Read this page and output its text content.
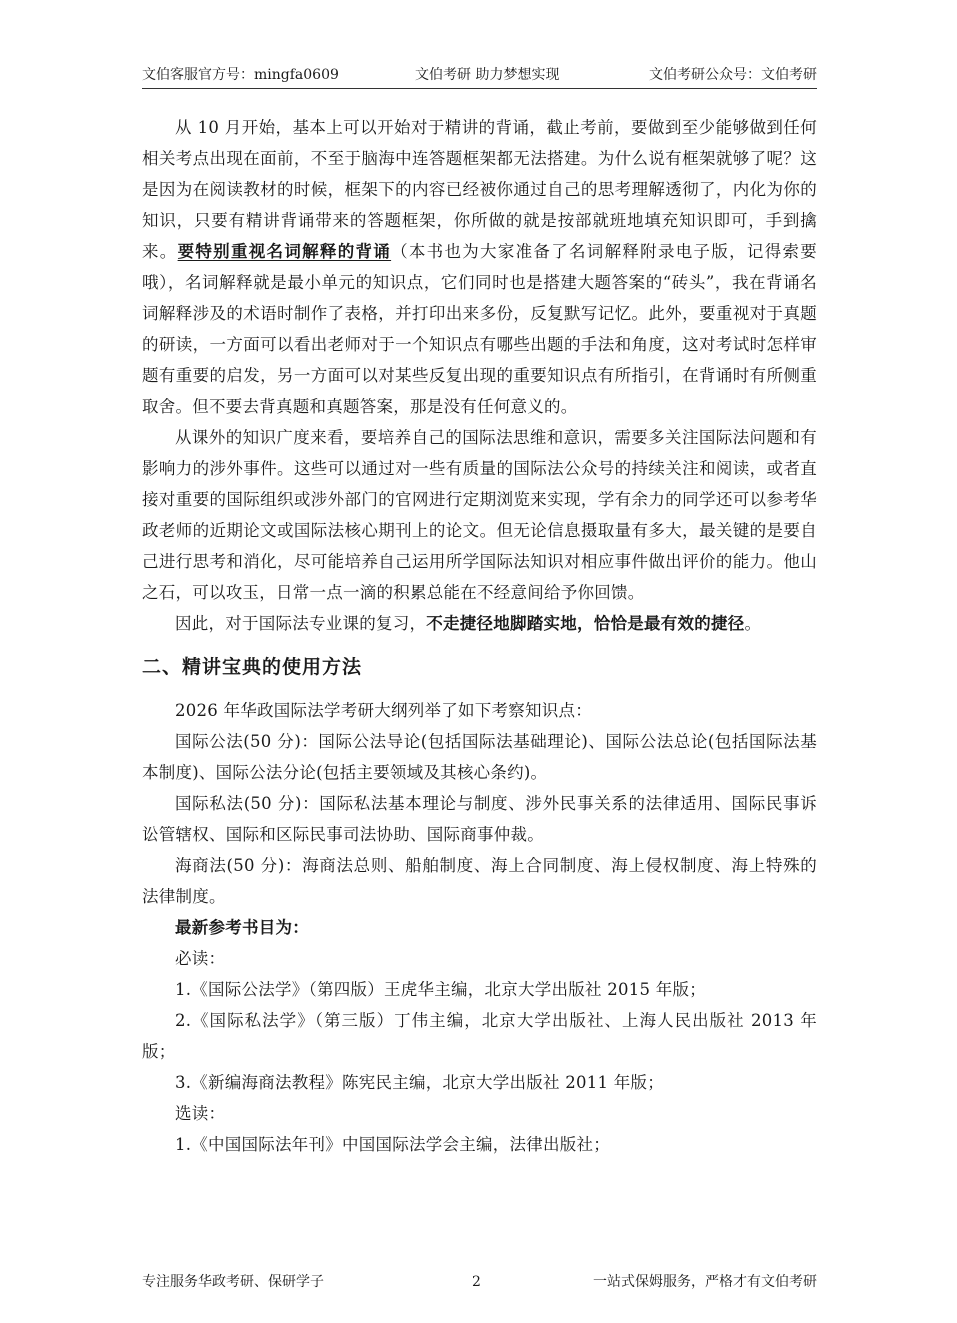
文伯客服官方号：mingfa0609	文伯考研 助力梦想实现	文伯考研公众号：文伯考研

从 10 月开始，基本上可以开始对于精讲的背诵，截止考前，要做到至少能够做到任何相关考点出现在面前，不至于脑海中连答题框架都无法搭建。为什么说有框架就够了呢？这是因为在阅读教材的时候，框架下的内容已经被你通过自己的思考理解透彻了，内化为你的知识，只要有精讲背诵带来的答题框架，你所做的就是按部就班地填充知识即可，手到擒来。要特别重视名词解释的背诵（本书也为大家准备了名词解释附录电子版，记得索要哦），名词解释就是最小单元的知识点，它们同时也是搭建大题答案的“砖头”，我在背诵名词解释涉及的术语时制作了表格，并打印出来多份，反复默写记忆。此外，要重视对于真题的研读，一方面可以看出老师对于一个知识点有哪些出题的手法和角度，这对考试时怎样审题有重要的启发，另一方面可以对某些反复出现的重要知识点有所指引，在背诵时有所侧重取舍。但不要去背真题和真题答案，那是没有任何意义的。

从课外的知识广度来看，要培养自己的国际法思维和意识，需要多关注国际法问题和有影响力的涉外事件。这些可以通过对一些有质量的国际法公众号的持续关注和阅读，或者直接对重要的国际组织或涉外部门的官网进行定期浏览来实现，学有余力的同学还可以参考华政老师的近期论文或国际法核心期刊上的论文。但无论信息摄取量有多大，最关键的是要自己进行思考和消化，尽可能培养自己运用所学国际法知识对相应事件做出评价的能力。他山之石，可以攻玉，日常一点一滴的积累总能在不经意间给予你回馈。

因此，对于国际法专业课的复习，不走捷径地脚踏实地，恰恰是最有效的捷径。

二、精讲宝典的使用方法

2026 年华政国际法学考研大纲列举了如下考察知识点：

国际公法(50 分)：国际公法导论(包括国际法基础理论)、国际公法总论(包括国际法基本制度)、国际公法分论(包括主要领域及其核心条约)。

国际私法(50 分)：国际私法基本理论与制度、涉外民事关系的法律适用、国际民事诉讼管辖权、国际和区际民事司法协助、国际商事仲裁。

海商法(50 分)：海商法总则、船舶制度、海上合同制度、海上侵权制度、海上特殊的法律制度。

最新参考书目为：

必读：

1.《国际公法学》（第四版）王虎华主编，北京大学出版社 2015 年版；

2.《国际私法学》（第三版）丁伟主编，北京大学出版社、上海人民出版社 2013 年版；

3.《新编海商法教程》陈宪民主编，北京大学出版社 2011 年版；

选读：

1.《中国国际法年刊》中国国际法学会主编，法律出版社；

专注服务华政考研、保研学子	2	一站式保姆服务，严格才有文伯考研
